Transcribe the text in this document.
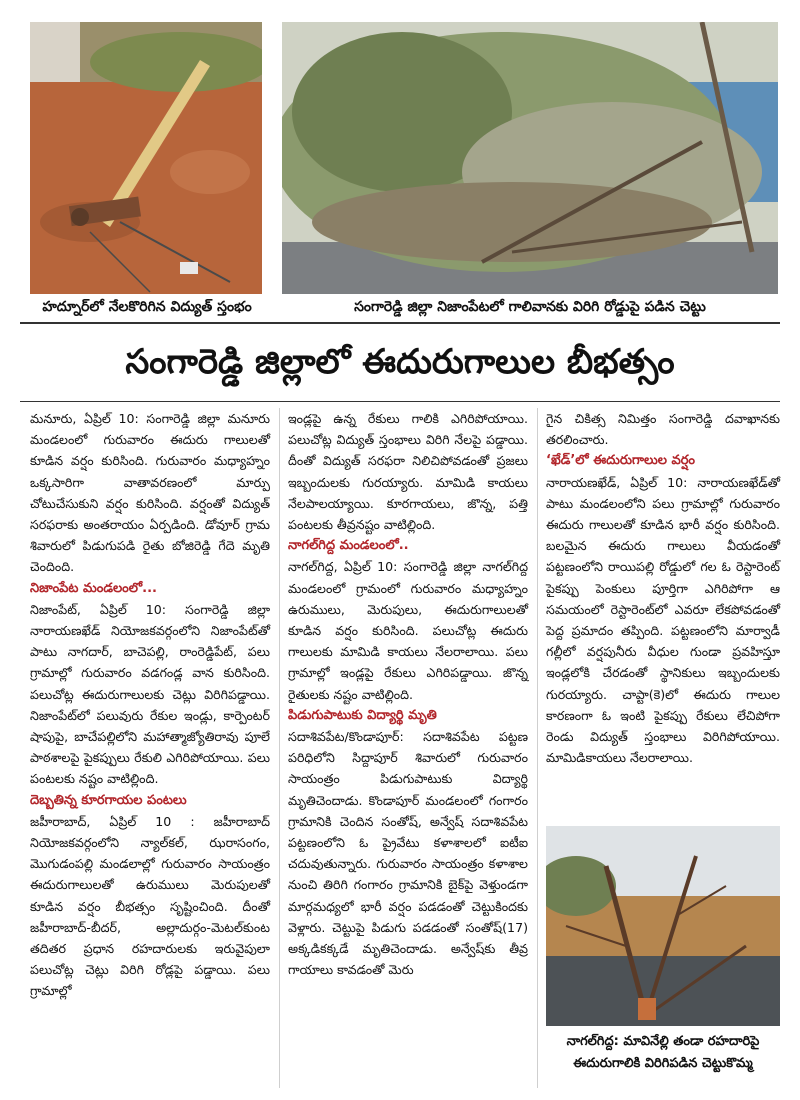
హద్నూర్‌లో నేలకొరిగిన విద్యుత్ స్తంభం	సంగారెడ్డి జిల్లా నిజాంపేటలో గాలివానకు విరిగి రోడ్డుపై పడిన చెట్టు
సంగారెడ్డి జిల్లాలో ఈదురుగాలుల బీభత్సం

మనూరు, ఏప్రిల్ 10: సంగారెడ్డి జిల్లా మనూరు మండలంలో గురువారం ఈదురు గాలులతో కూడిన వర్షం కురిసింది. గురువారం మధ్యాహ్నం ఒక్కసారిగా వాతావరణంలో మార్పు చోటుచేసుకుని వర్షం కురిసింది. వర్షంతో విద్యుత్ సరఫరాకు అంతరాయం ఏర్పడింది. డోవూర్ గ్రామ శివారులో పిడుగుపడి రైతు బోజిరెడ్డి గేదె మృతి చెందింది.

నిజాంపేట మండలంలో...

నిజాంపేట్, ఏప్రిల్ 10: సంగారెడ్డి జిల్లా నారాయణఖేడ్ నియోజకవర్గంలోని నిజాంపేట్‌తో పాటు నాగదార్, బాచెపల్లి, రాంరెడ్డిపేట్, పలు గ్రామాల్లో గురువారం వడగండ్ల వాన కురిసింది. పలుచోట్ల ఈదురుగాలులకు చెట్లు విరిగిపడ్డాయి. నిజాంపేట్‌లో పలువురు రేకుల ఇండ్లు, కార్పెంటర్ షాపుపై, బాచేపల్లిలోని మహాత్మాజ్యోతిరావు పూలే పాఠశాలపై పైకప్పులు రేకులి ఎగిరిపోయాయి. పలు పంటలకు నష్టం వాటిల్లింది.

దెబ్బతిన్న కూరగాయల పంటలు

జహీరాబాద్, ఏప్రిల్ 10 : జహీరాబాద్ నియోజకవర్గంలోని న్యాల్‌కల్, ఝరాసంగం, మొగుడంపల్లి మండలాల్లో గురువారం సాయంత్రం ఈదురుగాలులతో ఉరుములు మెరుపులతో కూడిన వర్షం బీభత్సం సృష్టించింది. దీంతో జహీరాబాద్-బీదర్, అల్లాదుర్గం-మెటల్‌కుంట తదితర ప్రధాన రహదారులకు ఇరువైపులా పలుచోట్ల చెట్లు విరిగి రోడ్లపై పడ్డాయి. పలు గ్రామాల్లో

ఇండ్లపై ఉన్న రేకులు గాలికి ఎగిరిపోయాయి. పలుచోట్ల విద్యుత్ స్తంభాలు విరిగి నేలపై పడ్డాయి. దీంతో విద్యుత్ సరఫరా నిలిచిపోవడంతో ప్రజలు ఇబ్బందులకు గురయ్యారు. మామిడి కాయలు నేలపాలయ్యాయి. కూరగాయలు, జొన్న, పత్తి పంటలకు తీవ్రనష్టం వాటిల్లింది.

నాగల్‌గిద్ద మండలంలో..

నాగల్‌గిద్ద, ఏప్రిల్ 10: సంగారెడ్డి జిల్లా నాగల్‌గిద్ద మండలంలో గ్రామంలో గురువారం మధ్యాహ్నం ఉరుములు, మెరుపులు, ఈదురుగాలులతో కూడిన వర్షం కురిసింది. పలుచోట్ల ఈదురు గాలులకు మామిడి కాయలు నేలరాలాయి. పలు గ్రామాల్లో ఇండ్లపై రేకులు ఎగిరిపడ్డాయి. జొన్న రైతులకు నష్టం వాటిల్లింది.

పిడుగుపాటుకు విద్యార్థి మృతి

సదాశివపేట/కొండాపూర్: సదాశివపేట పట్టణ పరిధిలోని సిద్దాపూర్ శివారులో గురువారం సాయంత్రం పిడుగుపాటుకు విద్యార్థి మృతిచెందాడు. కొండాపూర్ మండలంలో గంగారం గ్రామానికి చెందిన సంతోష్, అన్వేష్ సదాశివపేట పట్టణంలోని ఓ ప్రైవేటు కళాశాలలో ఐటీఐ చదువుతున్నారు. గురువారం సాయంత్రం కళాశాల నుంచి తిరిగి గంగారం గ్రామానికి బైక్‌పై వెళ్తుండగా మార్గమధ్యలో భారీ వర్షం పడడంతో చెట్టుకిందకు వెళ్లారు. చెట్టుపై పిడుగు పడడంతో సంతోష్(17) అక్కడికక్కడే మృతిచెందాడు. అన్వేష్‌కు తీవ్ర గాయాలు కావడంతో మెరు

గైన చికిత్స నిమిత్తం సంగారెడ్డి దవాఖానకు తరలించారు.

‘ఖేడ్’లో ఈదురుగాలుల వర్షం

నారాయణఖేడ్, ఏప్రిల్ 10: నారాయణఖేడ్‌తో పాటు మండలంలోని పలు గ్రామాల్లో గురువారం ఈదురు గాలులతో కూడిన భారీ వర్షం కురిసింది. బలమైన ఈదురు గాలులు వీయడంతో పట్టణంలోని రాయిపల్లి రోడ్డులో గల ఓ రెస్టారెంట్ పైకప్పు పెంకులు పూర్తిగా ఎగిరిపోగా ఆ సమయంలో రెస్టారెంట్‌లో ఎవరూ లేకపోవడంతో పెద్ద ప్రమాదం తప్పింది. పట్టణంలోని మార్వాడీ గల్లీలో వర్షపునీరు వీధుల గుండా ప్రవహిస్తూ ఇండ్లలోకి చేరడంతో స్థానికులు ఇబ్బందులకు గురయ్యారు. చాప్టా(కె)లో ఈదురు గాలుల కారణంగా ఓ ఇంటి పైకప్పు రేకులు లేచిపోగా రెండు విద్యుత్ స్తంభాలు విరిగిపోయాయి. మామిడికాయలు నేలరాలాయి.

నాగల్‌గిద్ద: మావినేల్లి తండా రహదారిపై
ఈదురుగాలికి విరిగిపడిన చెట్టుకొమ్మ
